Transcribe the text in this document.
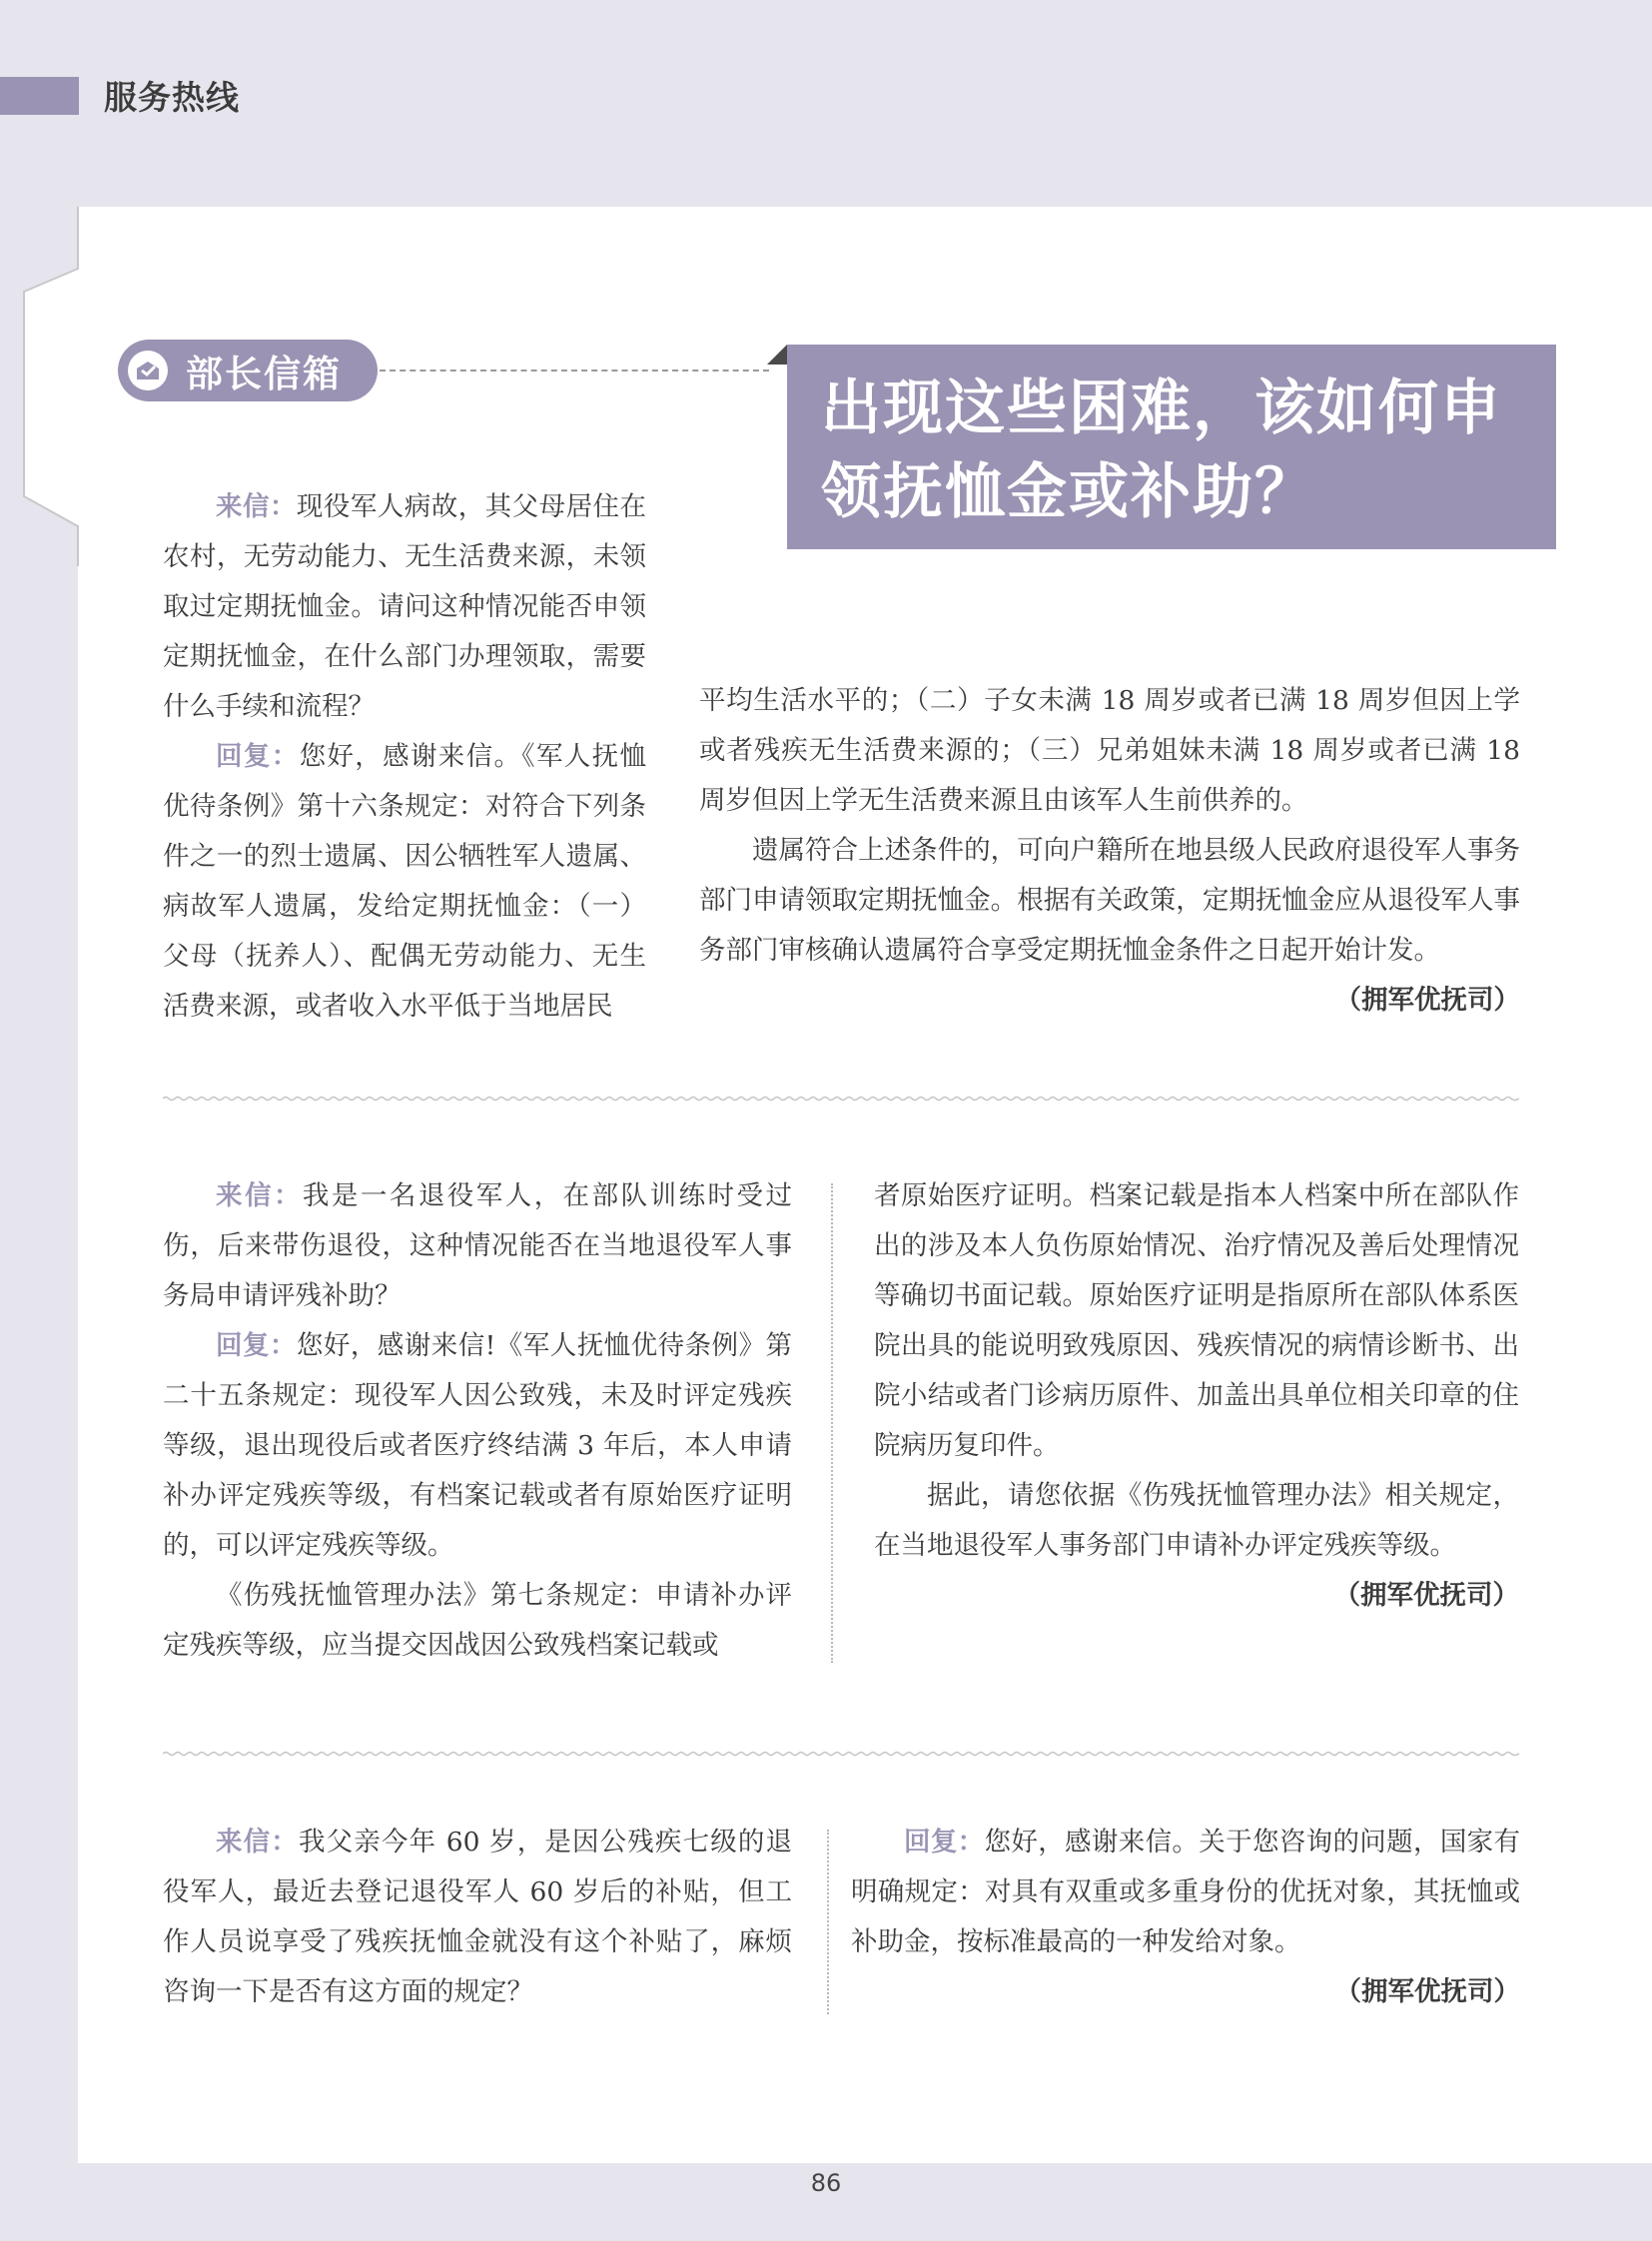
服务热线
部长信箱	出现这些困难，该如何申
领抚恤金或补助？

来信：现役军人病故，其父母居住在农村，无劳动能力、无生活费来源，未领取过定期抚恤金。请问这种情况能否申领定期抚恤金，在什么部门办理领取，需要什么手续和流程？

回复：您好，感谢来信。《军人抚恤优待条例》第十六条规定：对符合下列条件之一的烈士遗属、因公牺牲军人遗属、病故军人遗属，发给定期抚恤金：（一）父母（抚养人）、配偶无劳动能力、无生活费来源，或者收入水平低于当地居民

平均生活水平的；（二）子女未满 18 周岁或者已满 18 周岁但因上学或者残疾无生活费来源的；（三）兄弟姐妹未满 18 周岁或者已满 18 周岁但因上学无生活费来源且由该军人生前供养的。

遗属符合上述条件的，可向户籍所在地县级人民政府退役军人事务部门申请领取定期抚恤金。根据有关政策，定期抚恤金应从退役军人事务部门审核确认遗属符合享受定期抚恤金条件之日起开始计发。

（拥军优抚司）

来信：我是一名退役军人，在部队训练时受过伤，后来带伤退役，这种情况能否在当地退役军人事务局申请评残补助？

回复：您好，感谢来信!《军人抚恤优待条例》第二十五条规定：现役军人因公致残，未及时评定残疾等级，退出现役后或者医疗终结满 3 年后，本人申请补办评定残疾等级，有档案记载或者有原始医疗证明的，可以评定残疾等级。

《伤残抚恤管理办法》第七条规定：申请补办评定残疾等级，应当提交因战因公致残档案记载或

者原始医疗证明。档案记载是指本人档案中所在部队作出的涉及本人负伤原始情况、治疗情况及善后处理情况等确切书面记载。原始医疗证明是指原所在部队体系医院出具的能说明致残原因、残疾情况的病情诊断书、出院小结或者门诊病历原件、加盖出具单位相关印章的住院病历复印件。

据此，请您依据《伤残抚恤管理办法》相关规定，在当地退役军人事务部门申请补办评定残疾等级。

（拥军优抚司）

来信：我父亲今年 60 岁，是因公残疾七级的退役军人，最近去登记退役军人 60 岁后的补贴，但工作人员说享受了残疾抚恤金就没有这个补贴了，麻烦咨询一下是否有这方面的规定？

回复：您好，感谢来信。关于您咨询的问题，国家有明确规定：对具有双重或多重身份的优抚对象，其抚恤或补助金，按标准最高的一种发给对象。

（拥军优抚司）
86
